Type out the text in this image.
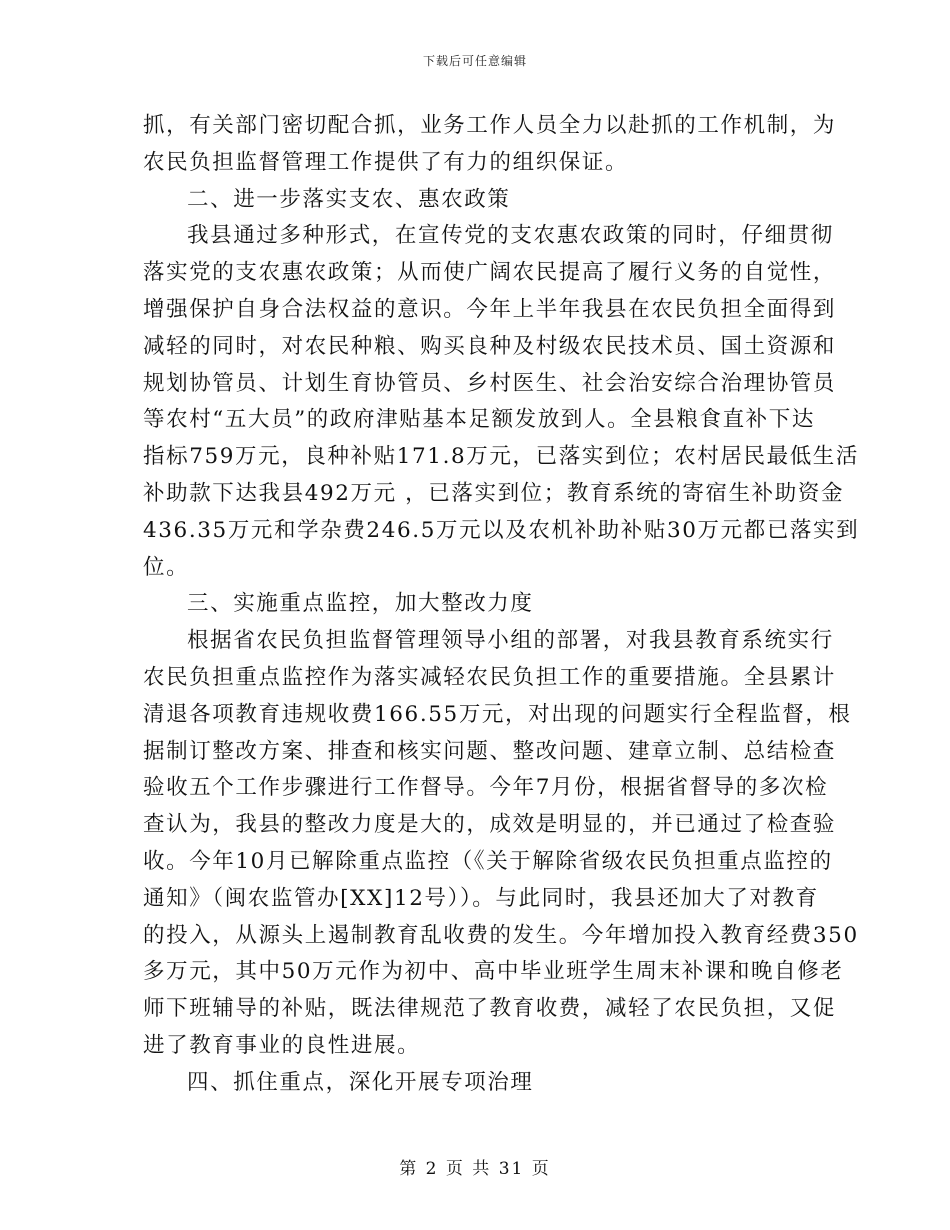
下载后可任意编辑
抓，有关部门密切配合抓，业务工作人员全力以赴抓的工作机制，为
农民负担监督管理工作提供了有力的组织保证。
二、进一步落实支农、惠农政策
我县通过多种形式，在宣传党的支农惠农政策的同时，仔细贯彻
落实党的支农惠农政策；从而使广阔农民提高了履行义务的自觉性，
增强保护自身合法权益的意识。今年上半年我县在农民负担全面得到
减轻的同时，对农民种粮、购买良种及村级农民技术员、国土资源和
规划协管员、计划生育协管员、乡村医生、社会治安综合治理协管员
等农村“五大员”的政府津贴基本足额发放到人。全县粮食直补下达
指标759万元，良种补贴171.8万元，已落实到位；农村居民最低生活
补助款下达我县492万元 ，已落实到位；教育系统的寄宿生补助资金
436.35万元和学杂费246.5万元以及农机补助补贴30万元都已落实到
位。
三、实施重点监控，加大整改力度
根据省农民负担监督管理领导小组的部署，对我县教育系统实行
农民负担重点监控作为落实减轻农民负担工作的重要措施。全县累计
清退各项教育违规收费166.55万元，对出现的问题实行全程监督，根
据制订整改方案、排查和核实问题、整改问题、建章立制、总结检查
验收五个工作步骤进行工作督导。今年7月份，根据省督导的多次检
查认为，我县的整改力度是大的，成效是明显的，并已通过了检查验
收。今年10月已解除重点监控（《关于解除省级农民负担重点监控的
通知》（闽农监管办[XX]12号））。与此同时，我县还加大了对教育
的投入，从源头上遏制教育乱收费的发生。今年增加投入教育经费350
多万元，其中50万元作为初中、高中毕业班学生周末补课和晚自修老
师下班辅导的补贴，既法律规范了教育收费，减轻了农民负担，又促
进了教育事业的良性进展。
四、抓住重点，深化开展专项治理
第 2 页 共 31 页
